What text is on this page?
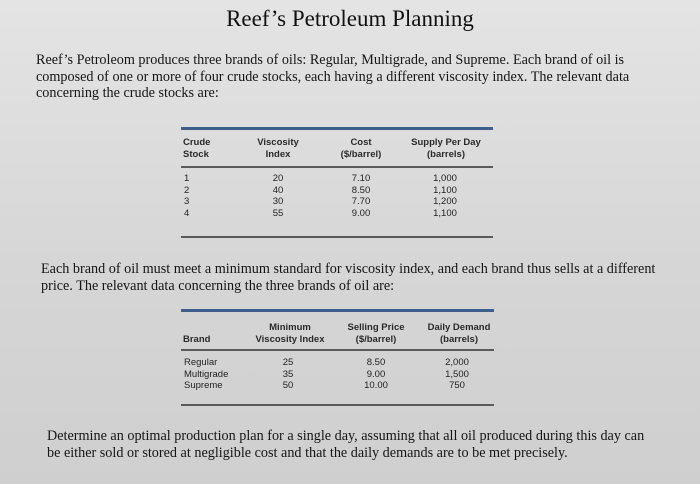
Reef’s Petroleum Planning
Reef’s Petroleom produces three brands of oils: Regular, Multigrade, and Supreme. Each brand of oil is composed of one or more of four crude stocks, each having a different viscosity index. The relevant data concerning the crude stocks are:
Crude
Stock
Viscosity
Index
Cost
($/barrel)
Supply Per Day
(barrels)
1
2
3
4
20
40
30
55
7.10
8.50
7.70
9.00
1,000
1,100
1,200
1,100
Each brand of oil must meet a minimum standard for viscosity index, and each brand thus sells at a different price. The relevant data concerning the three brands of oil are:
Brand
Minimum
Viscosity Index
Selling Price
($/barrel)
Daily Demand
(barrels)
Regular
Multigrade
Supreme
25
35
50
8.50
9.00
10.00
2,000
1,500
750
Determine an optimal production plan for a single day, assuming that all oil produced during this day can be either sold or stored at negligible cost and that the daily demands are to be met precisely.
